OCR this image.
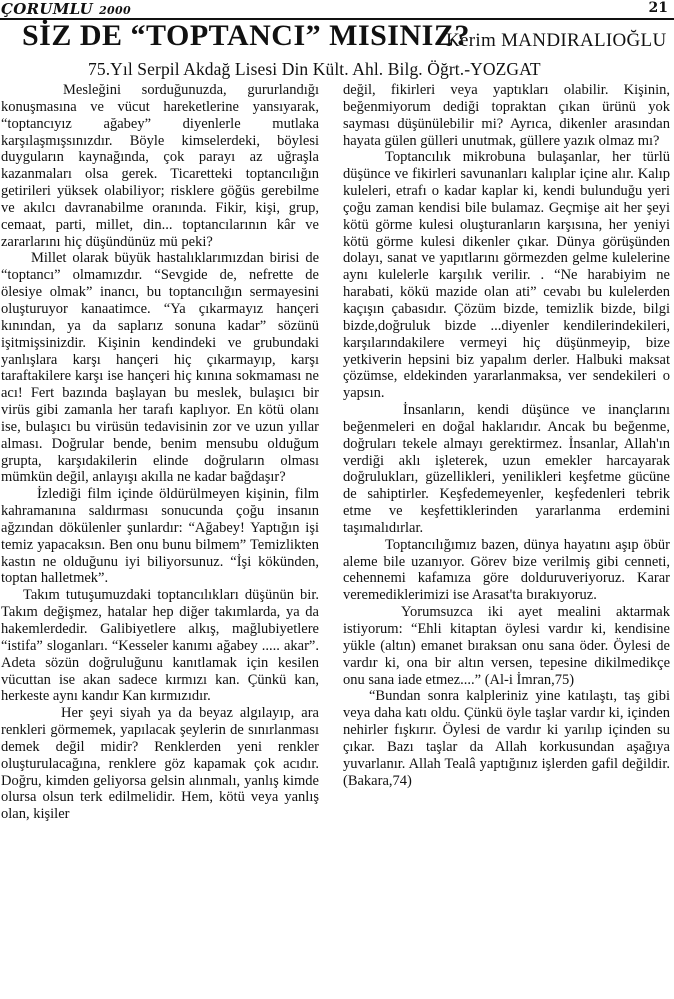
ÇORUMLU 2000	21
SİZ DE “TOPTANCI” MISINIZ?
Kerim MANDIRALIOĞLU
75.Yıl Serpil Akdağ Lisesi Din Kült. Ahl. Bilg. Öğrt.-YOZGAT

Mesleğini sorduğunuzda, gururlandığı konuşmasına ve vücut hareketlerine yansıyarak, “toptancıyız ağabey” diyenlerle mutlaka karşılaşmışsınızdır. Böyle kimselerdeki, böylesi duyguların kaynağında, çok parayı az uğraşla kazanmaları olsa gerek. Ticaretteki toptancılığın getirileri yüksek olabiliyor; risklere göğüs gerebilme ve akılcı davranabilme oranında. Fikir, kişi, grup, cemaat, parti, millet, din... toptancılarının kâr ve zararlarını hiç düşündünüz mü peki?

Millet olarak büyük hastalıklarımızdan birisi de “toptancı” olmamızdır. “Sevgide de, nefrette de ölesiye olmak” inancı, bu toptancılığın sermayesini oluşturuyor kanaatimce. “Ya çıkarmayız hançeri kınından, ya da saplarız sonuna kadar” sözünü işitmişsinizdir. Kişinin kendindeki ve grubundaki yanlışlara karşı hançeri hiç çıkarmayıp, karşı taraftakilere karşı ise hançeri hiç kınına sokmaması ne acı! Fert bazında başlayan bu meslek, bulaşıcı bir virüs gibi zamanla her tarafı kaplıyor. En kötü olanı ise, bulaşıcı bu virüsün tedavisinin zor ve uzun yıllar alması. Doğrular bende, benim mensubu olduğum grupta, karşıdakilerin elinde doğruların olması mümkün değil, anlayışı akılla ne kadar bağdaşır?

İzlediği film içinde öldürülmeyen kişinin, film kahramanına saldırması sonucunda çoğu insanın ağzından dökülenler şunlardır: “Ağabey! Yaptığın işi temiz yapacaksın. Ben onu bunu bilmem” Temizlikten kastın ne olduğunu iyi biliyorsunuz. “İşi kökünden, toptan halletmek”.

Takım tutuşumuzdaki toptancılıkları düşünün bir. Takım değişmez, hatalar hep diğer takımlarda, ya da hakemlerdedir. Galibiyetlere alkış, mağlubiyetlere “istifa” sloganları. “Kesseler kanımı ağabey ..... akar”. Adeta sözün doğruluğunu kanıtlamak için kesilen vücuttan ise akan sadece kırmızı kan. Çünkü kan, herkeste aynı kandır Kan kırmızıdır.

Her şeyi siyah ya da beyaz algılayıp, ara renkleri görmemek, yapılacak şeylerin de sınırlanması demek değil midir? Renklerden yeni renkler oluşturulacağına, renklere göz kapamak çok acıdır. Doğru, kimden geliyorsa gelsin alınmalı, yanlış kimde olursa olsun terk edilmelidir. Hem, kötü veya yanlış olan, kişiler

değil, fikirleri veya yaptıkları olabilir. Kişinin, beğenmiyorum dediği topraktan çıkan ürünü yok sayması düşünülebilir mi? Ayrıca, dikenler arasından hayata gülen gülleri unutmak, güllere yazık olmaz mı?

Toptancılık mikrobuna bulaşanlar, her türlü düşünce ve fikirleri savunanları kalıplar içine alır. Kalıp kuleleri, etrafı o kadar kaplar ki, kendi bulunduğu yeri çoğu zaman kendisi bile bulamaz. Geçmişe ait her şeyi kötü görme kulesi oluşturanların karşısına, her yeniyi kötü görme kulesi dikenler çıkar. Dünya görüşünden dolayı, sanat ve yapıtlarını görmezden gelme kulelerine aynı kulelerle karşılık verilir. . “Ne harabiyim ne harabati, kökü mazide olan ati” cevabı bu kulelerden kaçışın çabasıdır. Çözüm bizde, temizlik bizde, bilgi bizde,doğruluk bizde ...diyenler kendilerindekileri, karşılarındakilere vermeyi hiç düşünmeyip, bize yetkiverin hepsini biz yapalım derler. Halbuki maksat çözümse, eldekinden yararlanmaksa, ver sendekileri o yapsın.

İnsanların, kendi düşünce ve inançlarını beğenmeleri en doğal haklarıdır. Ancak bu beğenme, doğruları tekele almayı gerektirmez. İnsanlar, Allah'ın verdiği aklı işleterek, uzun emekler harcayarak doğrulukları, güzellikleri, yenilikleri keşfetme gücüne de sahiptirler. Keşfedemeyenler, keşfedenleri tebrik etme ve keşfettiklerinden yararlanma erdemini taşımalıdırlar.

Toptancılığımız bazen, dünya hayatını aşıp öbür aleme bile uzanıyor. Görev bize verilmiş gibi cenneti, cehennemi kafamıza göre dolduruveriyoruz. Karar veremediklerimizi ise Arasat'ta bırakıyoruz.

Yorumsuzca iki ayet mealini aktarmak istiyorum: “Ehli kitaptan öylesi vardır ki, kendisine yükle (altın) emanet bıraksan onu sana öder. Öylesi de vardır ki, ona bir altın versen, tepesine dikilmedikçe onu sana iade etmez....” (Al-i İmran,75)

“Bundan sonra kalpleriniz yine katılaştı, taş gibi veya daha katı oldu. Çünkü öyle taşlar vardır ki, içinden nehirler fışkırır. Öylesi de vardır ki yarılıp içinden su çıkar. Bazı taşlar da Allah korkusundan aşağıya yuvarlanır. Allah Tealâ yaptığınız işlerden gafil değildir. (Bakara,74)
